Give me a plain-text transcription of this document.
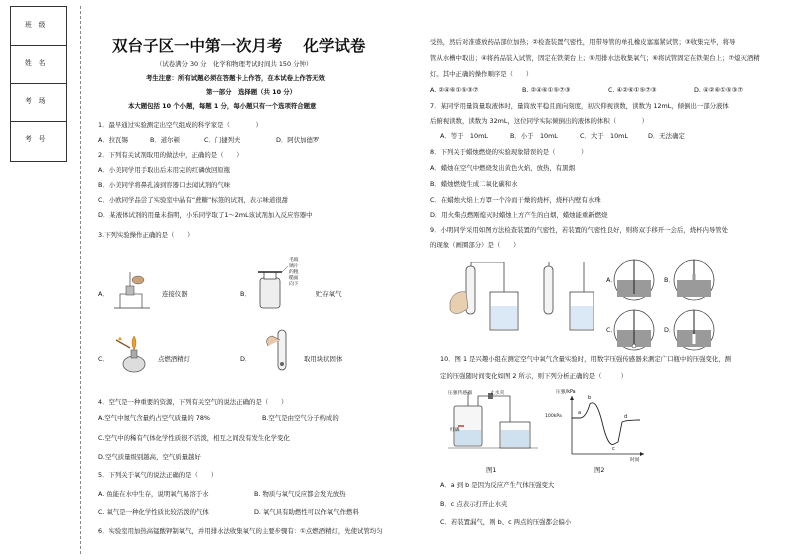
班　级
姓　名
考　场
考　号
双台子区一中第一次月考　 化学试卷
（试卷满分 30 分　化学和物理考试时间共 150 分钟）
考生注意：所有试题必须在答题卡上作答，在本试卷上作答无效
第一部分　选择题（共 10 分）
本大题包括 10 个小题，每题 1 分，每小题只有一个选项符合题意
1．最早通过实验测定出空气组成的科学家是（　　　　）
A．拉瓦锡	B．道尔顿	C．门捷列夫	D．阿伏加德罗
2．下列有关试剂取用的做法中，正确的是（　　）
A．小美同学用手取出后未用完的红磷放回原瓶
B．小美同学将鼻孔凑到容器口去闻试剂的气味
C．小欧同学品尝了实验室中晶有“蔗糖”标签的试剂，表示味道很甜
D．某液体试剂的用量未指明，小乐同学取了1～2mL该试剂加入反应容器中
3.下列实验操作正确的是（　　）
A．	连接仪器	B．
毛玻
璃片
的粗
糙面
向下
贮存氧气
C．	点燃酒精灯	D．	取用块状固体
4．空气是一种重要的资源，下列有关空气的说法正确的是（　　）
A.空气中氮气含量约占空气质量的 78%	B.空气是由空气分子构成的
C.空气中的稀有气体化学性质很不活泼，相互之间没有发生化学变化
D.空气质量级别越高，空气质量越好
5．下列关于氧气的说法正确的是（　　）
A. 鱼能在水中生存，说明氧气易溶于水	B. 物质与氧气反应都会发光放热
C. 氧气是一种化学性质比较活泼的气体	D. 氧气具有助燃性可以作氧气作燃料
6．实验室用加热高锰酸钾制氧气，并用排水法收集氧气的主要步骤有：①点燃酒精灯，先使试管均匀
受热，然后对准盛放药品部位加热；②检查装置气密性，用带导管的单孔橡皮塞塞紧试管；③收集完毕，将导
管从水槽中取出；④将药品装入试管，固定在铁架台上；⑤用排水法收集氧气；⑥将试管固定在铁架台上；⑦熄灭酒精
灯。其中正确的操作顺序是（　　）
A. ②④⑥①⑤③⑦	B. ②④⑥①⑤⑦③	C. ④②⑥①⑤⑦③	D. ④②⑥①⑤③⑦
7．某同学用量筒量取液体时，量筒放平稳且面向刻度，初次仰视读数，读数为 12mL，倾倒出一部分液体
后俯视读数，读数为 32mL，这位同学实际倾倒出的液体的体积（　　　　）
A．等于　10mL	B．小于　10mL	C．大于　10mL	D．无法确定
8．下列关于蜡烛燃烧的实验现象错误的是（　　　　）
A．蜡烛在空气中燃烧发出黄色火焰，放热，有黑烟
B．蜡烛燃烧生成二氧化碳和水
C．在蜡烛火焰上方罩一个冷而干燥的烧杯，烧杯内壁有水珠
D．用火柴点燃刚熄灭时蜡烛上方产生的白烟，蜡烛能重新燃烧
9．小明同学采用如图方法检查装置的气密性，若装置的气密性良好，则将双手移开一会后，烧杯内导管处
的现象（画圈部分）是（　　）
A．	B．
C．	D．
10．图 1 是兴趣小组在测定空气中氧气含量实验时，用数字压强传感器来测定广口瓶中的压强变化，测
定的压强随时间变化如图 2 所示，则下列分析正确的是（　　　）
压强传感器	止水夹
红磷
图1
压强/kPa
100kPa
时间
a
b
c
d
图2
A．a 到 b 是因为反应产生气体压强变大
B．c 点表示打开止水夹
C．若装置漏气，则 b、c 两点的压强都会偏小
